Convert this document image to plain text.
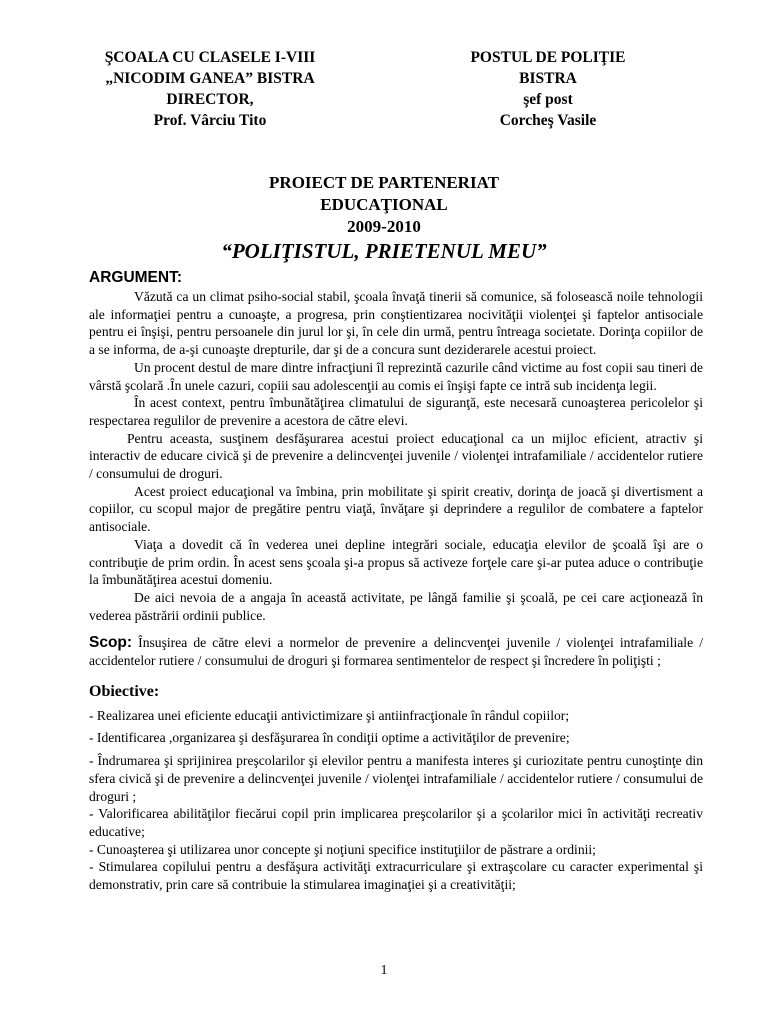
ŞCOALA CU CLASELE I-VIII
„NICODIM GANEA” BISTRA
DIRECTOR,
Prof. Vârciu Tito
POSTUL DE POLIŢIE
BISTRA
şef post
Corcheş Vasile
PROIECT DE PARTENERIAT
EDUCAŢIONAL
2009-2010
“POLIŢISTUL, PRIETENUL MEU”
ARGUMENT:

Văzută ca un climat psiho-social stabil, şcoala învaţă tinerii să comunice, să folosească noile tehnologii ale informaţiei pentru a cunoaşte, a progresa, prin conştientizarea nocivităţii violenţei şi faptelor antisociale pentru ei înşişi, pentru persoanele din jurul lor şi, în cele din urmă, pentru întreaga societate. Dorinţa copiilor de a se informa, de a-şi cunoaşte drepturile, dar şi de a concura sunt deziderarele acestui proiect.

Un procent destul de mare dintre infracţiuni îl reprezintă cazurile când victime au fost copii sau tineri de vârstă şcolară .În unele cazuri, copiii sau adolescenţii au comis ei înşişi fapte ce intră sub incidenţa legii.

În acest context, pentru îmbunătăţirea climatului de siguranţă, este necesară cunoaşterea pericolelor şi respectarea regulilor de prevenire a acestora de către elevi.

Pentru aceasta, susţinem desfăşurarea acestui proiect educaţional ca un mijloc eficient, atractiv şi interactiv de educare civică şi de prevenire a delincvenţei juvenile / violenţei intrafamiliale / accidentelor rutiere / consumului de droguri.

Acest proiect educaţional va îmbina, prin mobilitate şi spirit creativ, dorinţa de joacă şi divertisment a copiilor, cu scopul major de pregătire pentru viaţă, învăţare şi deprindere a regulilor de combatere a faptelor antisociale.

Viaţa a dovedit că în vederea unei depline integrări sociale, educaţia elevilor de şcoală îşi are o contribuţie de prim ordin. În acest sens şcoala şi-a propus să activeze forţele care şi-ar putea aduce o contribuţie la îmbunătăţirea acestui domeniu.

De aici nevoia de a angaja în această activitate, pe lângă familie şi şcoală, pe cei care acţionează în vederea păstrării ordinii publice.

Scop: Însuşirea de către elevi a normelor de prevenire a delincvenţei juvenile / violenţei intrafamiliale / accidentelor rutiere / consumului de droguri şi formarea sentimentelor de respect şi încredere în poliţişti ;
Obiective:

- Realizarea unei eficiente educaţii antivictimizare şi antiinfracţionale în rândul copiilor;

- Identificarea ,organizarea şi desfăşurarea în condiţii optime a activităţilor de prevenire;

- Îndrumarea şi sprijinirea preşcolarilor şi elevilor pentru a manifesta interes şi curiozitate pentru cunoştinţe din sfera civică şi de prevenire a delincvenţei juvenile / violenţei intrafamiliale / accidentelor rutiere / consumului de droguri ;

- Valorificarea abilităţilor fiecărui copil prin implicarea preşcolarilor şi a şcolarilor mici în activităţi recreativ educative;

- Cunoaşterea şi utilizarea unor concepte şi noţiuni specifice instituţiilor de păstrare a ordinii;

- Stimularea copilului pentru a desfăşura activităţi extracurriculare şi extraşcolare cu caracter experimental şi demonstrativ, prin care să contribuie la stimularea imaginaţiei şi a creativităţii;

1
